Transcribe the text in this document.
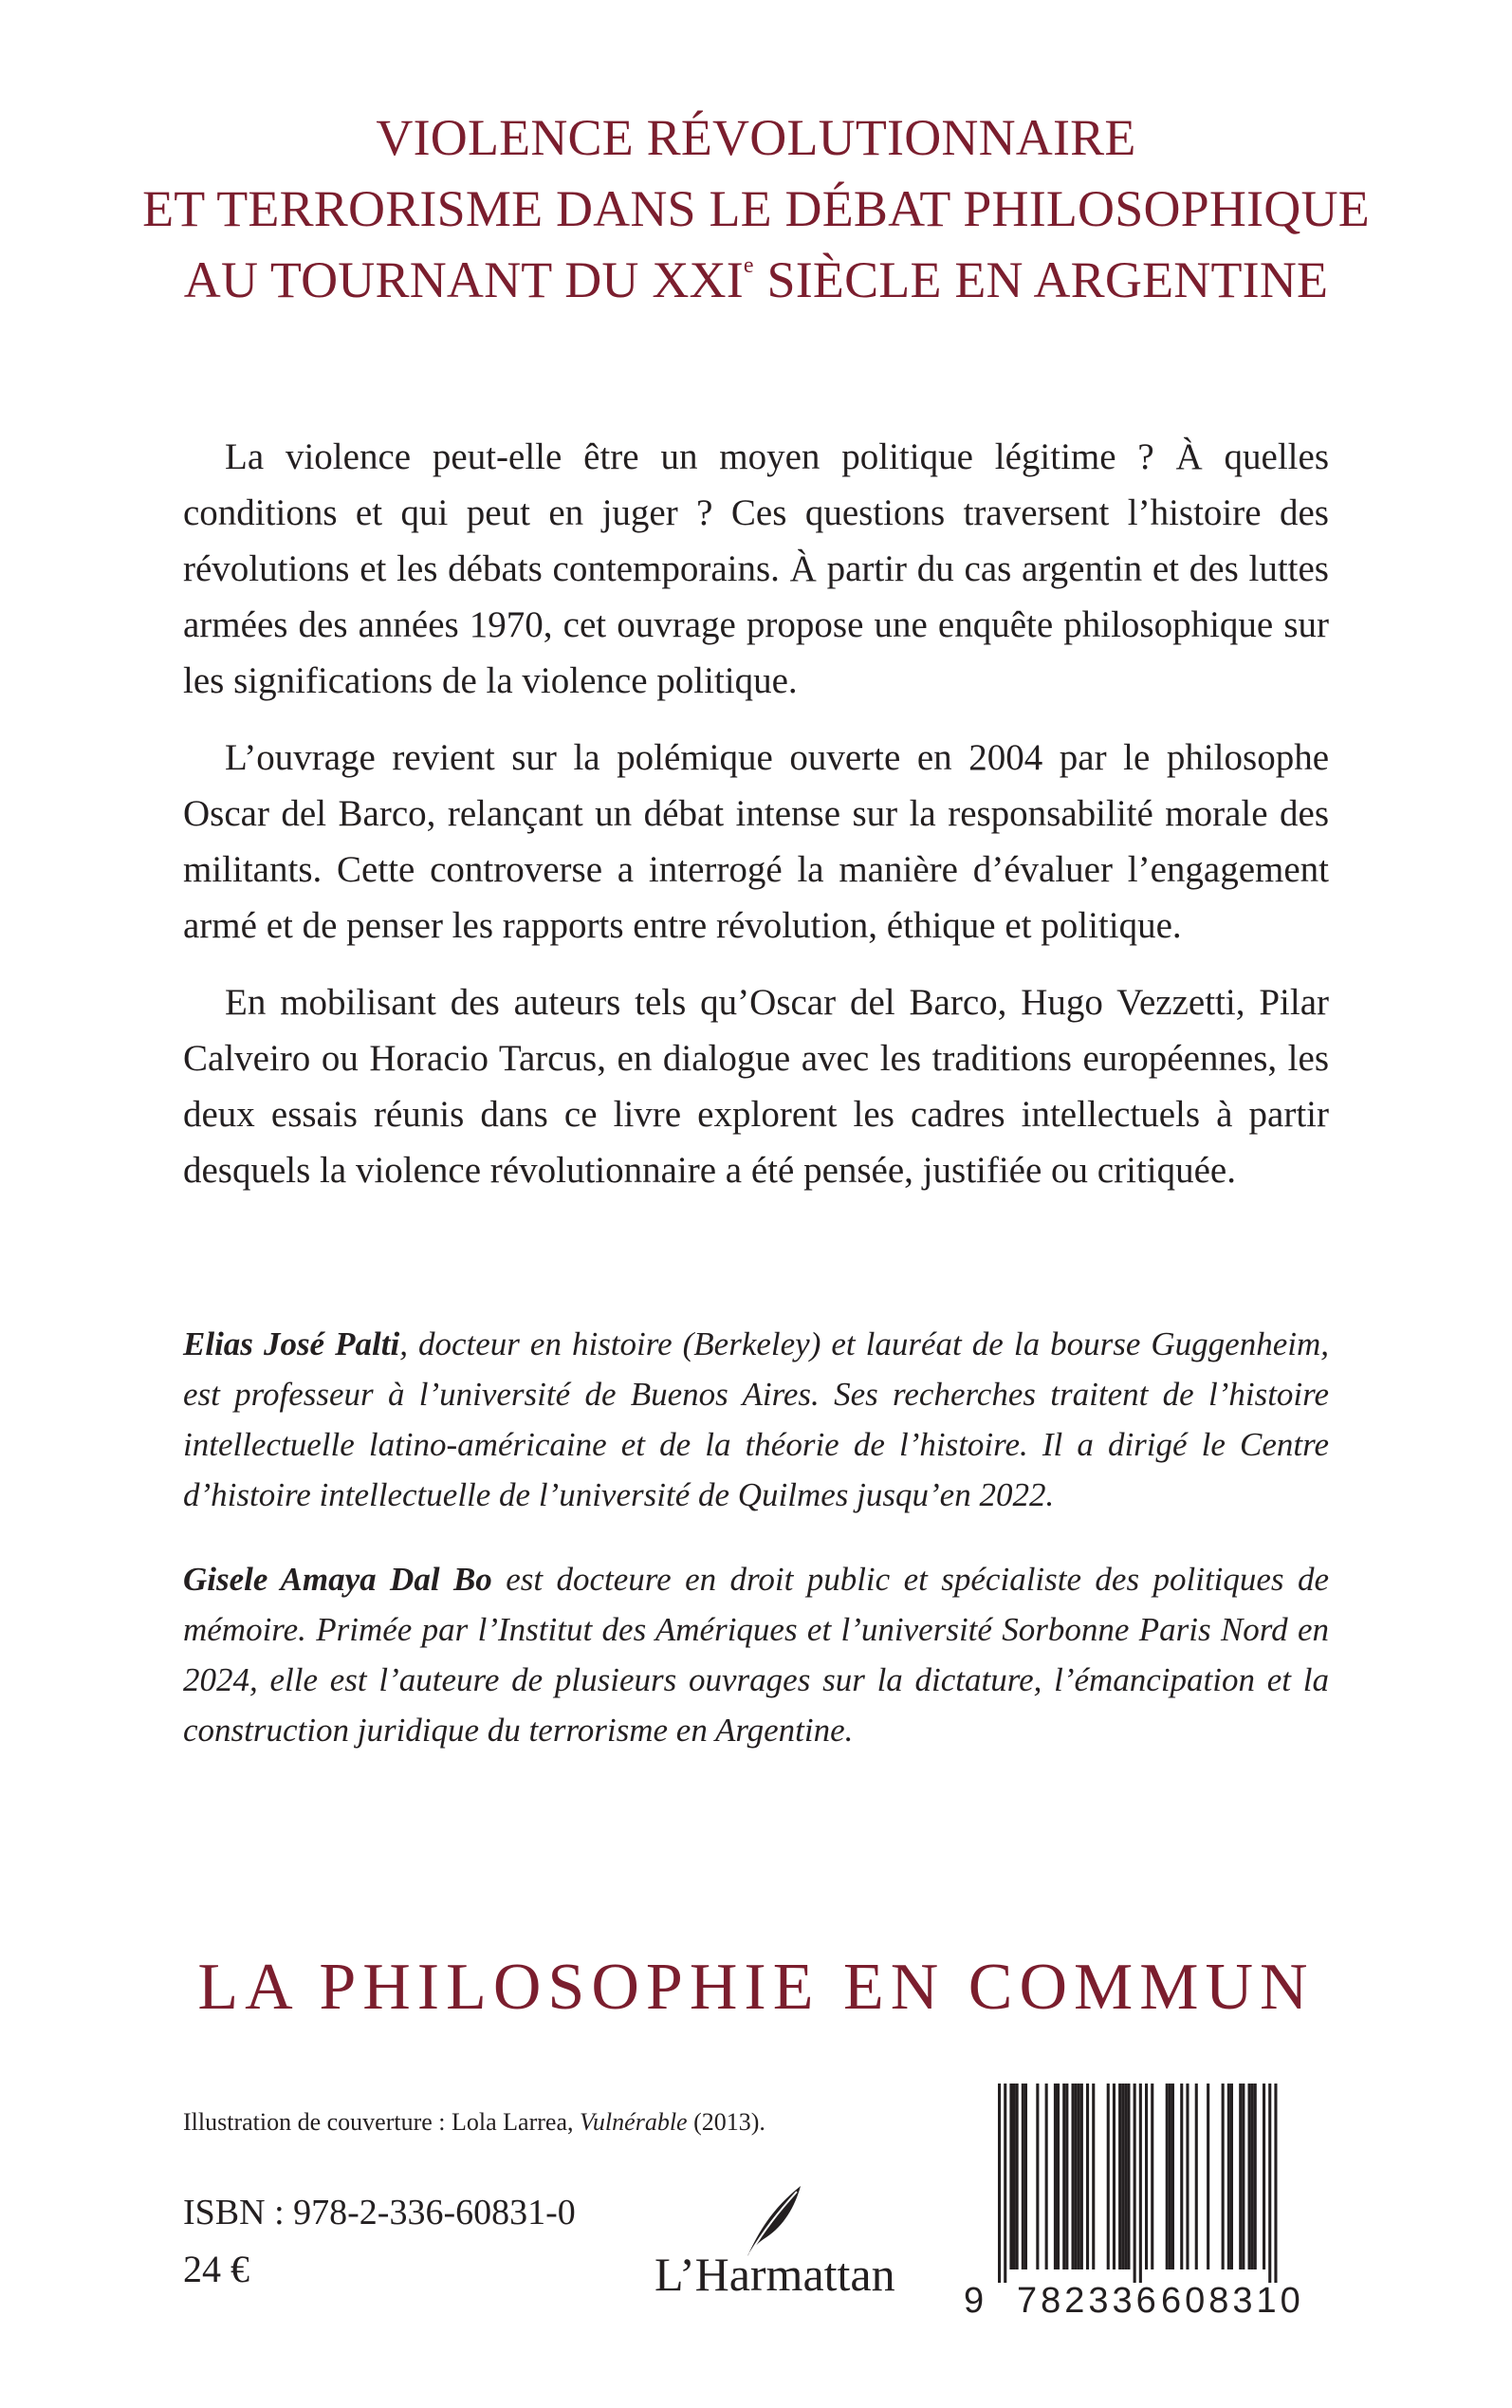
VIOLENCE RÉVOLUTIONNAIRE
ET TERRORISME DANS LE DÉBAT PHILOSOPHIQUE
AU TOURNANT DU XXIe SIÈCLE EN ARGENTINE

La violence peut-elle être un moyen politique légitime ? À quelles conditions et qui peut en juger ? Ces questions traversent l’histoire des révolutions et les débats contemporains. À partir du cas argentin et des luttes armées des années 1970, cet ouvrage propose une enquête philosophique sur les significations de la violence politique.

L’ouvrage revient sur la polémique ouverte en 2004 par le philosophe Oscar del Barco, relançant un débat intense sur la responsabilité morale des militants. Cette controverse a interrogé la manière d’évaluer l’engagement armé et de penser les rapports entre révolution, éthique et politique.

En mobilisant des auteurs tels qu’Oscar del Barco, Hugo Vezzetti, Pilar Calveiro ou Horacio Tarcus, en dialogue avec les traditions européennes, les deux essais réunis dans ce livre explorent les cadres intellectuels à partir desquels la violence révolutionnaire a été pensée, justifiée ou critiquée.

Elias José Palti, docteur en histoire (Berkeley) et lauréat de la bourse Guggenheim, est professeur à l’université de Buenos Aires. Ses recherches traitent de l’histoire intellectuelle latino-américaine et de la théorie de l’histoire. Il a dirigé le Centre d’histoire intellectuelle de l’université de Quilmes jusqu’en 2022.

Gisele Amaya Dal Bo est docteure en droit public et spécialiste des politiques de mémoire. Primée par l’Institut des Amériques et l’université Sorbonne Paris Nord en 2024, elle est l’auteure de plusieurs ouvrages sur la dictature, l’émancipation et la construction juridique du terrorisme en Argentine.

LA PHILOSOPHIE EN COMMUN
Illustration de couverture : Lola Larrea, Vulnérable (2013).
ISBN : 978-2-336-60831-0
24 €	L’Harmattan 9 782336 608310
